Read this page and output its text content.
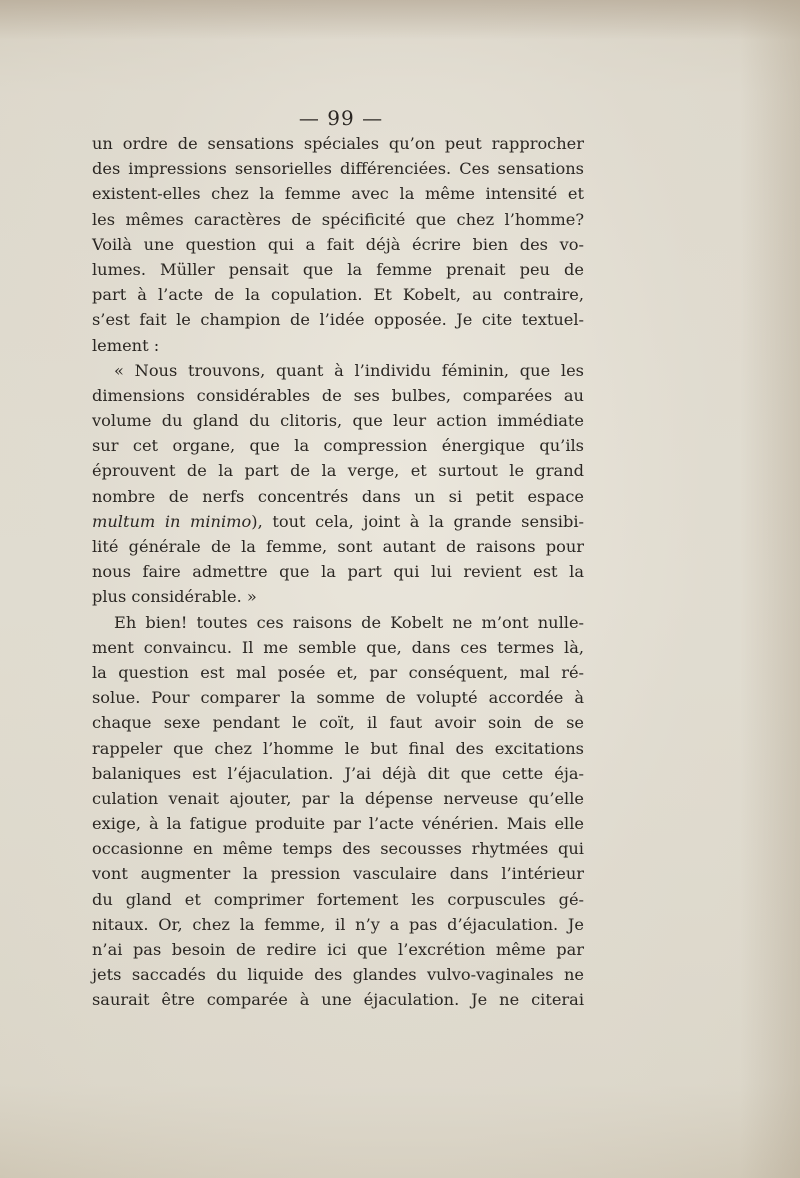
— 99 —
un ordre de sensations spéciales qu’on peut rapprocher
des impressions sensorielles différenciées. Ces sensations
existent-elles chez la femme avec la même intensité et
les mêmes caractères de spécificité que chez l’homme?
Voilà une question qui a fait déjà écrire bien des vo-
lumes. Müller pensait que la femme prenait peu de
part à l’acte de la copulation. Et Kobelt, au contraire,
s’est fait le champion de l’idée opposée. Je cite textuel-
lement :
« Nous trouvons, quant à l’individu féminin, que les
dimensions considérables de ses bulbes, comparées au
volume du gland du clitoris, que leur action immédiate
sur cet organe, que la compression énergique qu’ils
éprouvent de la part de la verge, et surtout le grand
nombre de nerfs concentrés dans un si petit espace
multum in minimo), tout cela, joint à la grande sensibi-
lité générale de la femme, sont autant de raisons pour
nous faire admettre que la part qui lui revient est la
plus considérable. »
Eh bien! toutes ces raisons de Kobelt ne m’ont nulle-
ment convaincu. Il me semble que, dans ces termes là,
la question est mal posée et, par conséquent, mal ré-
solue. Pour comparer la somme de volupté accordée à
chaque sexe pendant le coït, il faut avoir soin de se
rappeler que chez l’homme le but final des excitations
balaniques est l’éjaculation. J’ai déjà dit que cette éja-
culation venait ajouter, par la dépense nerveuse qu’elle
exige, à la fatigue produite par l’acte vénérien. Mais elle
occasionne en même temps des secousses rhytmées qui
vont augmenter la pression vasculaire dans l’intérieur
du gland et comprimer fortement les corpuscules gé-
nitaux. Or, chez la femme, il n’y a pas d’éjaculation. Je
n’ai pas besoin de redire ici que l’excrétion même par
jets saccadés du liquide des glandes vulvo-vaginales ne
saurait être comparée à une éjaculation. Je ne citerai
